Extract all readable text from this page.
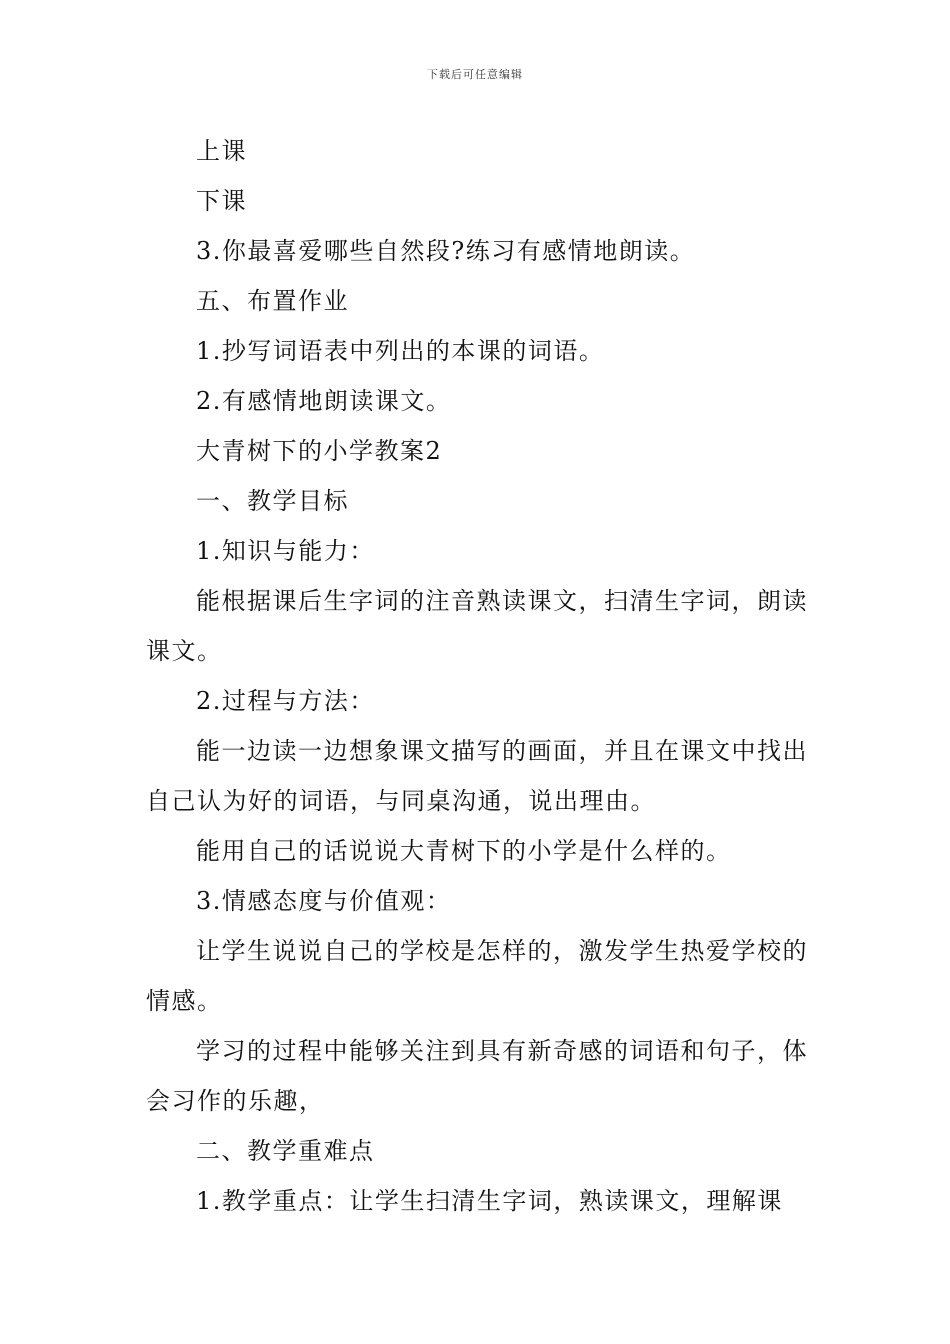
下载后可任意编辑

上课

下课

3.你最喜爱哪些自然段?练习有感情地朗读。

五、布置作业

1.抄写词语表中列出的本课的词语。

2.有感情地朗读课文。

大青树下的小学教案2

一、教学目标

1.知识与能力：

能根据课后生字词的注音熟读课文，扫清生字词，朗读课文。

2.过程与方法：

能一边读一边想象课文描写的画面，并且在课文中找出自己认为好的词语，与同桌沟通，说出理由。

能用自己的话说说大青树下的小学是什么样的。

3.情感态度与价值观：

让学生说说自己的学校是怎样的，激发学生热爱学校的情感。

学习的过程中能够关注到具有新奇感的词语和句子，体会习作的乐趣，

二、教学重难点

1.教学重点：让学生扫清生字词，熟读课文，理解课
